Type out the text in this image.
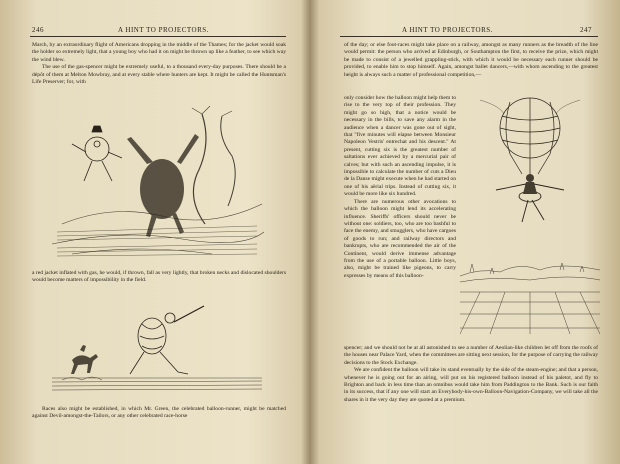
246	A HINT TO PROJECTORS.

March, by an extraordinary flight of Americans dropping in the middle of the Thames; for the jacket would soak the holder so extremely light, that a young boy who had it on might be thrown up like a feather, to see which way the wind blew.

The use of the gas-spencer might be extremely useful, to a thousand every-day purposes. There should be a dépôt of them at Melton Mowbray, and at every stable where hunters are kept. It might be called the Huntsman's Life Preserver; for, with

a red jacket inflated with gas, he would, if thrown, fall as very lightly, that broken necks and dislocated shoulders would become matters of impossibility in the field.

Races also might be established, in which Mr. Green, the celebrated balloon-runner, might be matched against Devil-amongst-the-Tailors, or any other celebrated race-horse

A HINT TO PROJECTORS.	247

of the day; or else foot-races might take place on a railway, amongst as many runners as the breadth of the line would permit: the person who arrived at Edinburgh, or Southampton the first, to receive the prize, which might be made to consist of a jewelled grappling-stick, with which it would be necessary each runner should be provided, to enable him to stop himself. Again, amongst ballet dancers,—with whom ascending to the greatest height is always such a matter of professional competition,—

only consider how the balloon might help them to rise to the very top of their profession. They might go so high, that a notice would be necessary in the bills, to save any alarm in the audience when a dancer was gone out of sight, that "five minutes will elapse between Monsieur Napoleon Vestris' entrechat and his descent." At present, cutting six is the greatest number of saltations ever achieved by a mercurial pair of calves; but with such an ascending impulse, it is impossible to calculate the number of cuts a Dieu de la Danse might execute when he had started on one of his aërial trips. Instead of cutting six, it would be more like six hundred.

There are numerous other avocations to which the balloon might lend its accelerating influence. Sheriffs' officers should never be without one: soldiers, too, who are too bashful to face the enemy, and smugglers, who have cargoes of goods to run; and railway directors and bankrupts, who are recommended the air of the Continent, would derive immense advantage from the use of a portable balloon. Little boys, also, might be trained like pigeons, to carry expresses by means of this balloon-

spencer; and we should not be at all astonished to see a number of Aeolian-like children let off from the roofs of the houses near Palace Yard, when the committees are sitting next session, for the purpose of carrying the railway decisions to the Stock Exchange.

We are confident the balloon will take its stand eventually by the side of the steam-engine; and that a person, whenever he is going out for an airing, will put on his registered balloon instead of his paletot, and fly to Brighton and back in less time than an omnibus would take him from Paddington to the Bank. Such is our faith in its success, that if any one will start an Everybody-his-own-Balloon-Navigation-Company, we will take all the shares in it the very day they are quoted at a premium.
